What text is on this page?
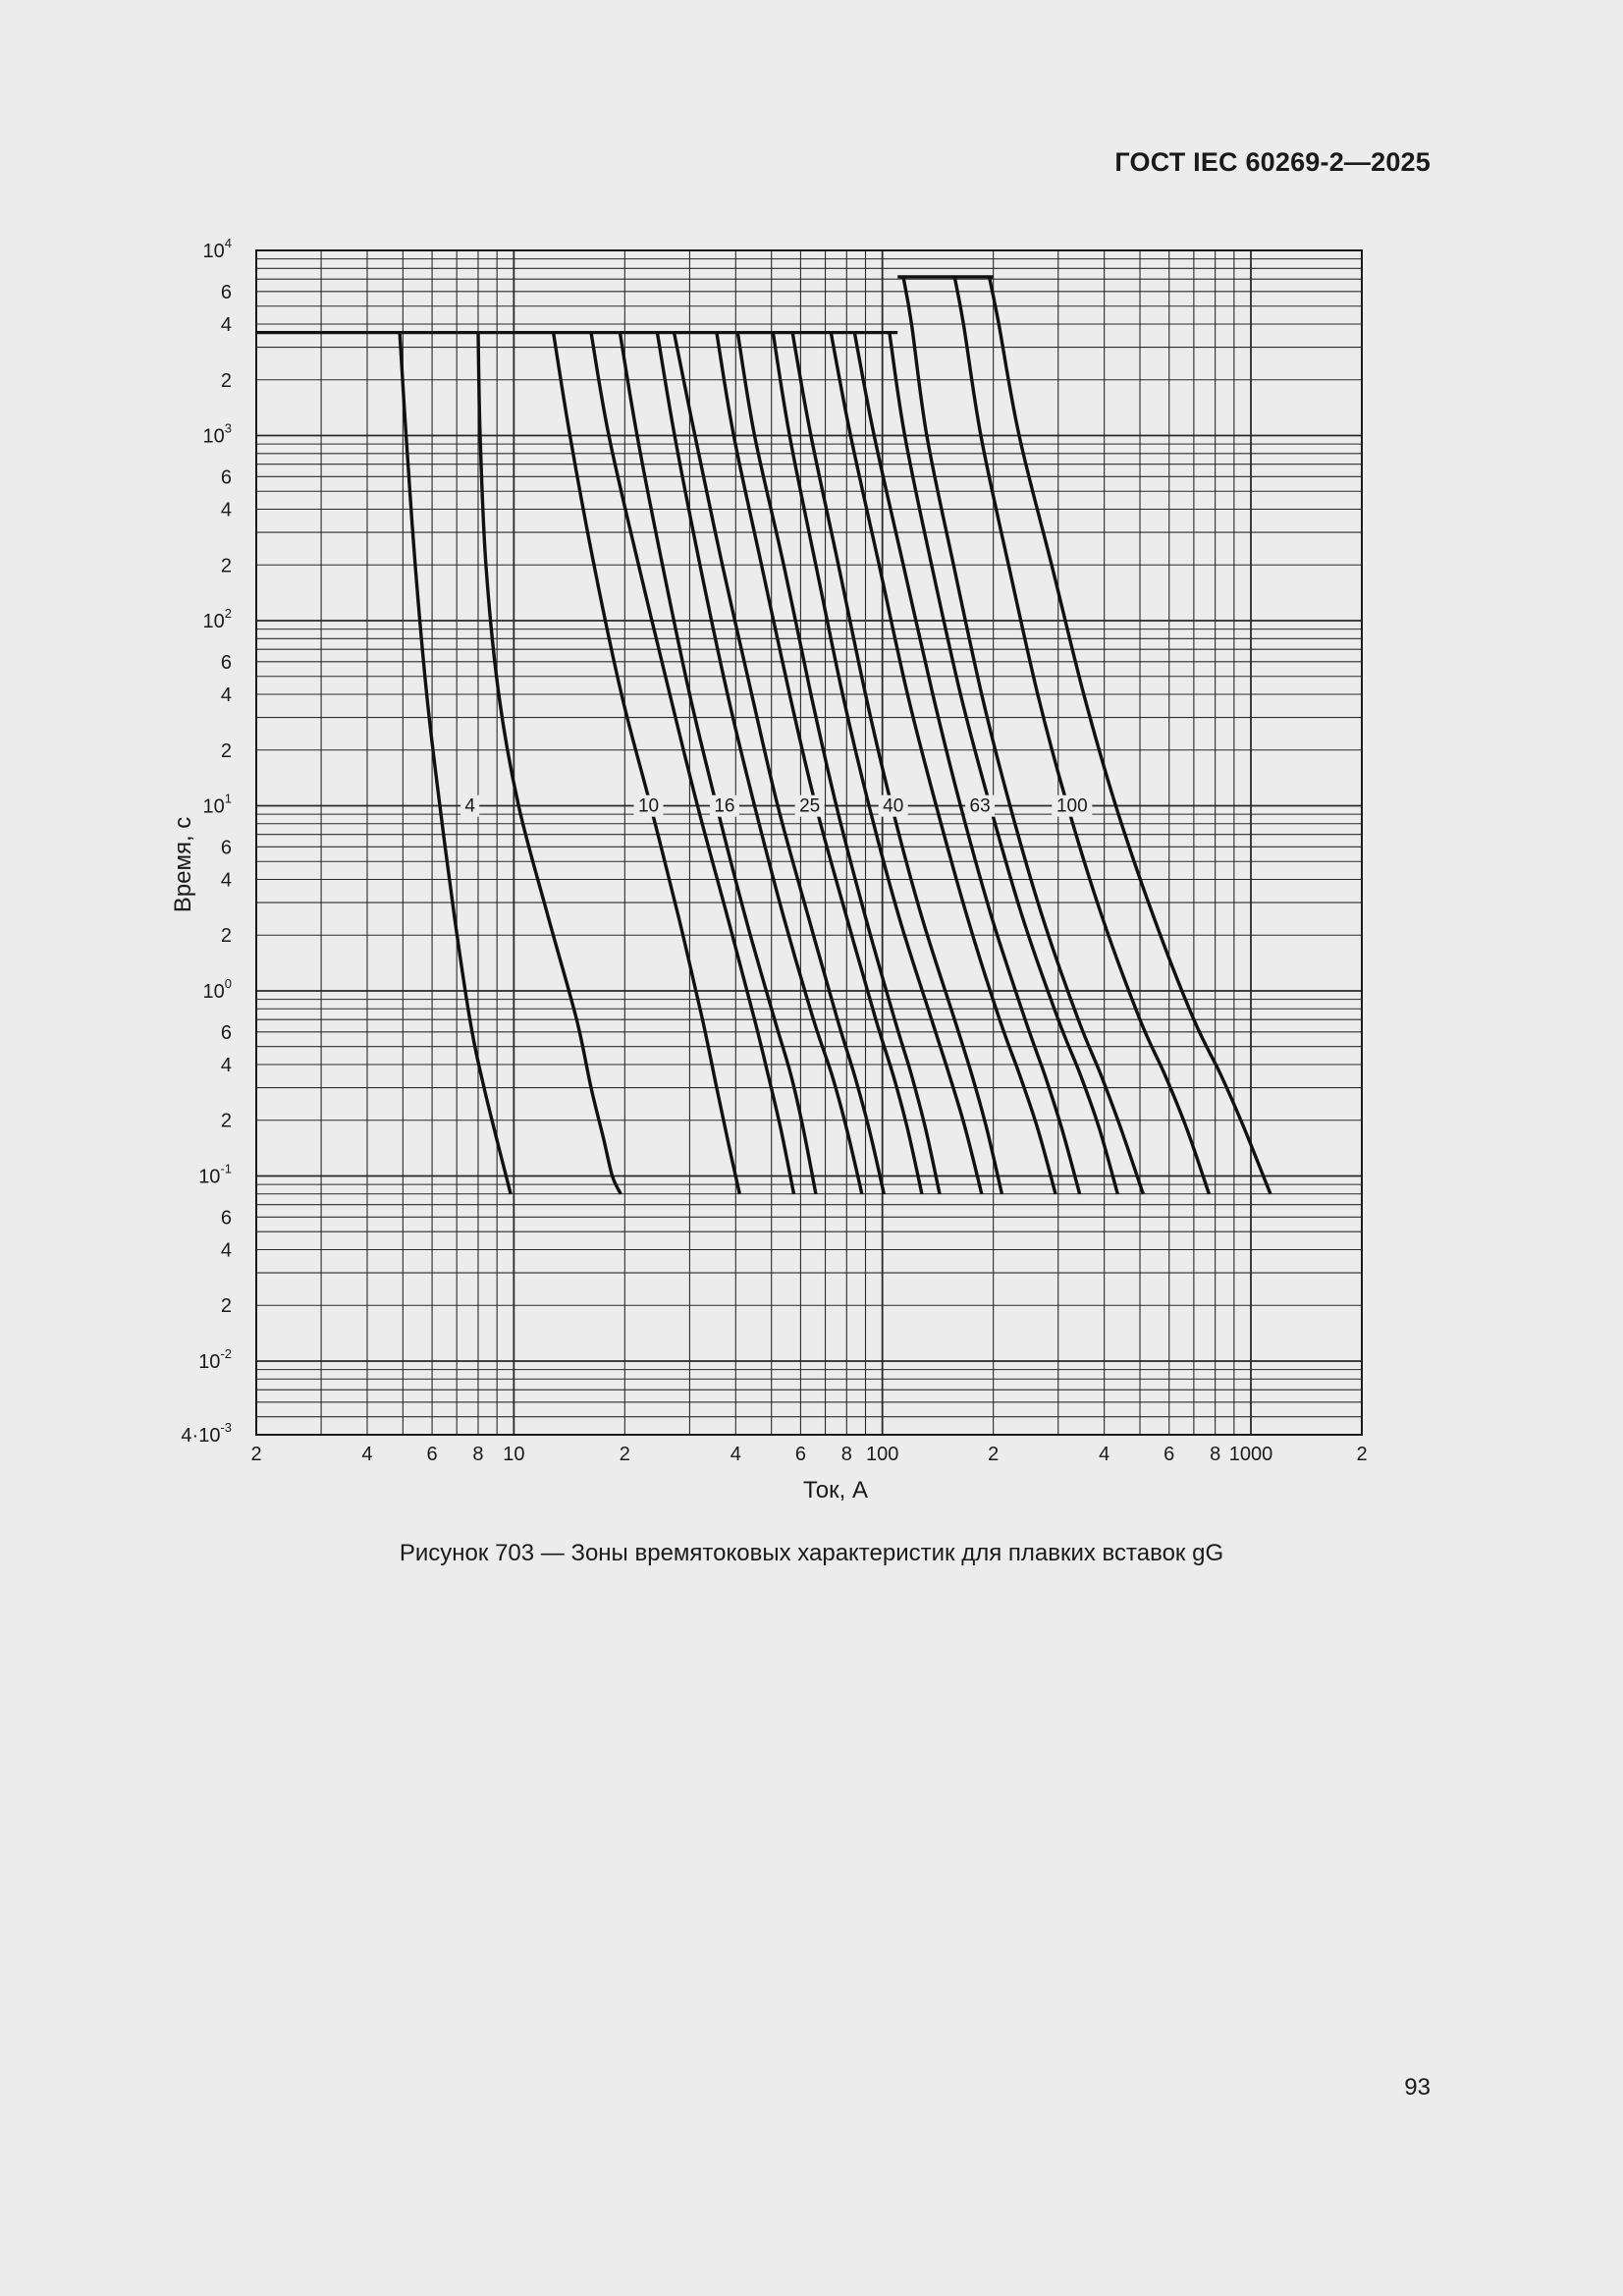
ГОСТ IEC 60269-2—2025
2	4	6 8 10	2	4	6 8 100	2	4	6 8 1000	2
$10^4$
6
4
2
$10^3$
6
4
2
$10^2$
6
4
2
$10^1$
6
4
2
$10^0$
6
4
2
$10^{-1}$
6
4
2
$10^{-2}$
$4\cdot 10^{-3}$
4	10	16	25	40	63	100
Ток, А
Время, с
Рисунок 703 — Зоны времятоковых характеристик для плавких вставок gG
93
